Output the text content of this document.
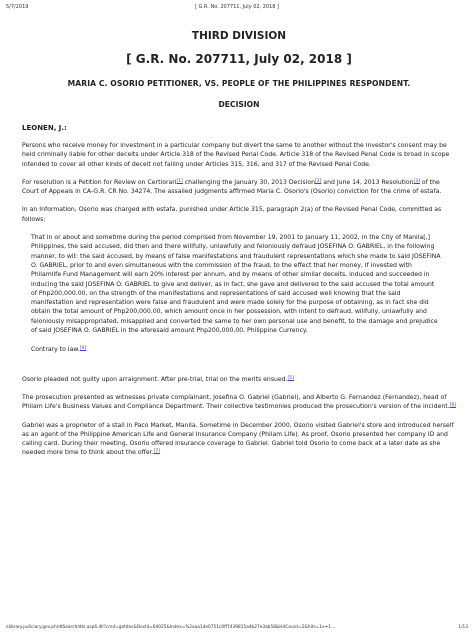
5/7/2019	[ G.R. No. 207711, July 02, 2018 ]
THIRD DIVISION
[ G.R. No. 207711, July 02, 2018 ]
MARIA C. OSORIO PETITIONER, VS. PEOPLE OF THE PHILIPPINES RESPONDENT.
DECISION
LEONEN, J.:

Persons who receive money for investment in a particular company but divert the same to another without the investor's consent may be held criminally liable for other deceits under Article 318 of the Revised Penal Code. Article 318 of the Revised Penal Code is broad in scope intended to cover all other kinds of deceit not falling under Articles 315, 316, and 317 of the Revised Penal Code.

For resolution is a Petition for Review on Certiorari[1] challenging the January 30, 2013 Decision[2] and June 14, 2013 Resolution[3] of the Court of Appeals in CA-G.R. CR No. 34274. The assailed judgments affirmed Maria C. Osorio's (Osorio) conviction for the crime of estafa.

In an Information, Osorio was charged with estafa, punished under Article 315, paragraph 2(a) of the Revised Penal Code, committed as follows:

That in or about and sometime during the period comprised from November 19, 2001 to January 11, 2002, in the City of Manila[,] Philippines, the said accused, did then and there willfully, unlawfully and feloniously defraud JOSEFINA O. GABRIEL, in the following manner, to wit: the said accused, by means of false manifestations and fraudulent representations which she made to said JOSEFINA O. GABRIEL, prior to and even simultaneous with the commission of the fraud, to the effect that her money, if invested with Philamlife Fund Management will earn 20% interest per annum, and by means of other similar deceits, induced and succeeded in inducing the said JOSEFINA O. GABRIEL to give and deliver, as in fact, she gave and delivered to the said accused the total amount of Php200,000.00, on the strength of the manifestations and representations of said accused well knowing that the said manifestation and representation were false and fraudulent and were made solely for the purpose of obtaining, as in fact she did obtain the total amount of Php200,000.00, which amount once in her possession, with intent to defraud, willfully, unlawfully and feloniously misappropriated, misapplied and converted the same to her own personal use and benefit, to the damage and prejudice of said JOSEFINA O. GABRIEL in the aforesaid amount Php200,000.00, Philippine Currency.

Contrary to law.[4]

Osorio pleaded not guilty upon arraignment. After pre-trial, trial on the merits ensued.[5]

The prosecution presented as witnesses private complainant, Josefina O. Gabriel (Gabriel), and Alberto G. Fernandez (Fernandez), head of Philam Life's Business Values and Compliance Department. Their collective testimonies produced the prosecution's version of the incident.[6]

Gabriel was a proprietor of a stall in Paco Market, Manila. Sometime in December 2000, Osorio visited Gabriel's store and introduced herself as an agent of the Philippine American Life and General Insurance Company (Philam Life). As proof, Osorio presented her company ID and calling card. During their meeting, Osorio offered insurance coverage to Gabriel. Gabriel told Osorio to come back at a later date as she needed more time to think about the offer.[7]

elibrary.judiciary.gov.ph/dtSearch/dts.asp6.dll?cmd=getdoc&DocId=64025&Index=%2aaa1de0751c0ff7439815a4b27e3ab58&HitCount=2&hits=1e+1...	1/13
